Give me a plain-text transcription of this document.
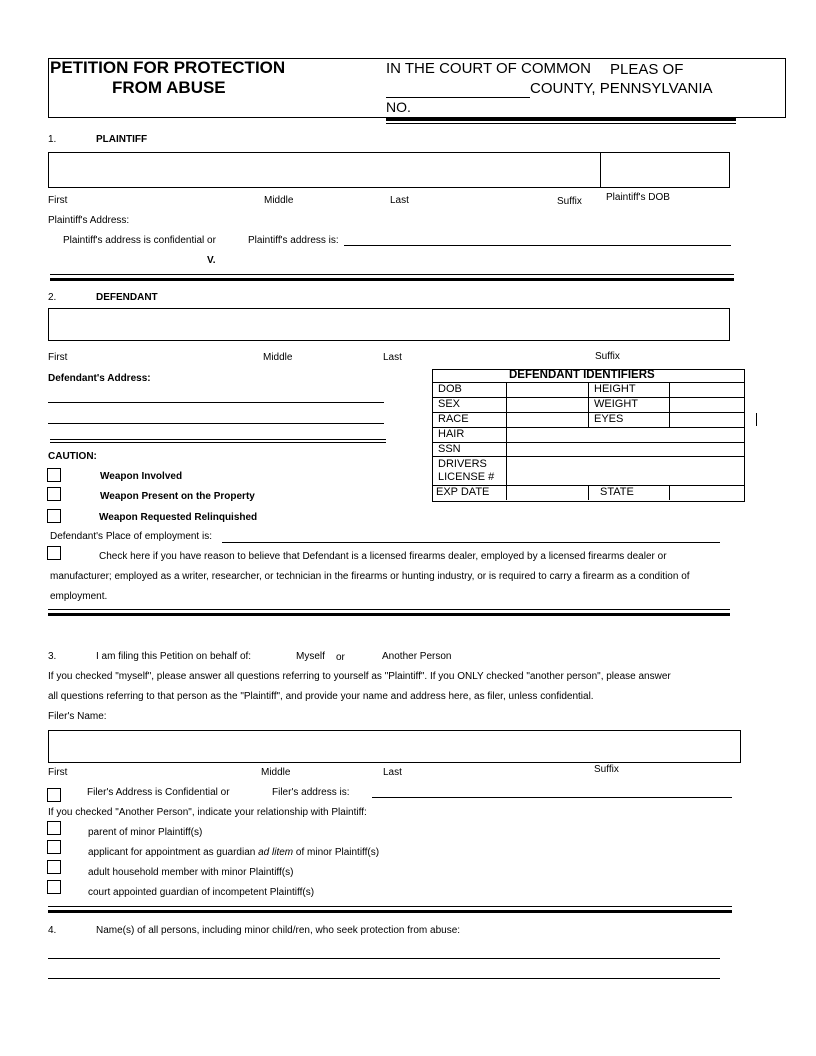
PETITION FOR PROTECTION
FROM ABUSE
IN THE COURT OF COMMON PLEAS OF
COUNTY, PENNSYLVANIA
NO.
1.	PLAINTIFF
First	Middle	Last	Suffix Plaintiff's DOB
Plaintiff's Address:
Plaintiff's address is confidential or	Plaintiff's address is:
V.
2.	DEFENDANT
First	Middle	Last	Suffix
Defendant's Address:	DEFENDANT IDENTIFIERS
DOB	HEIGHT
SEX	WEIGHT
RACE	EYES
HAIR
SSN
DRIVERS
LICENSE #
EXP DATE	STATE
CAUTION:
Weapon Involved
Weapon Present on the Property
Weapon Requested Relinquished
Defendant's Place of employment is:
Check here if you have reason to believe that Defendant is a licensed firearms dealer, employed by a licensed firearms dealer or
manufacturer; employed as a writer, researcher, or technician in the firearms or hunting industry, or is required to carry a firearm as a condition of
employment.
3.	I am filing this Petition on behalf of:	Myself or	Another Person
If you checked "myself", please answer all questions referring to yourself as "Plaintiff". If you ONLY checked "another person", please answer
all questions referring to that person as the "Plaintiff", and provide your name and address here, as filer, unless confidential.
Filer's Name:
First	Middle	Last	Suffix
Filer's Address is Confidential or	Filer's address is:
If you checked "Another Person", indicate your relationship with Plaintiff:
parent of minor Plaintiff(s)
applicant for appointment as guardian ad litem of minor Plaintiff(s)
adult household member with minor Plaintiff(s)
court appointed guardian of incompetent Plaintiff(s)
4.	Name(s) of all persons, including minor child/ren, who seek protection from abuse:
